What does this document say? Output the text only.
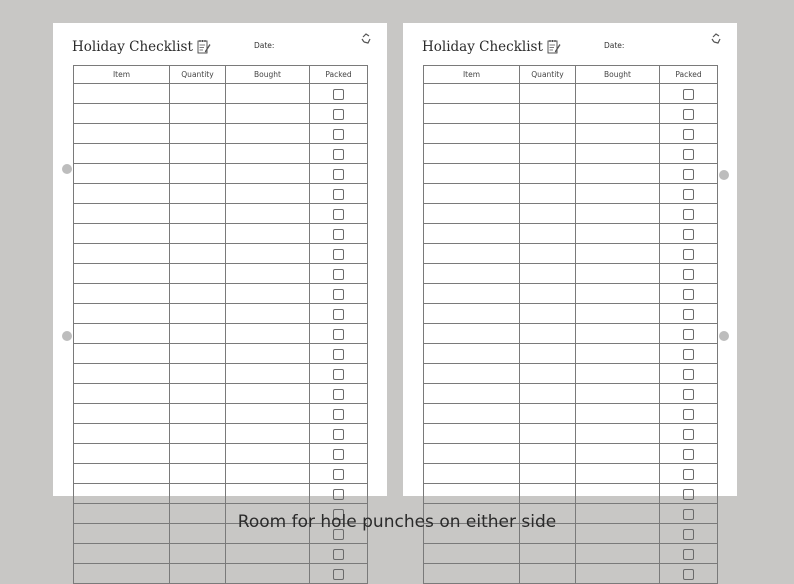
Holiday Checklist	Date:
Item	Quantity	Bought	Packed

Holiday Checklist	Date:
Item	Quantity	Bought	Packed

Room for hole punches on either side
